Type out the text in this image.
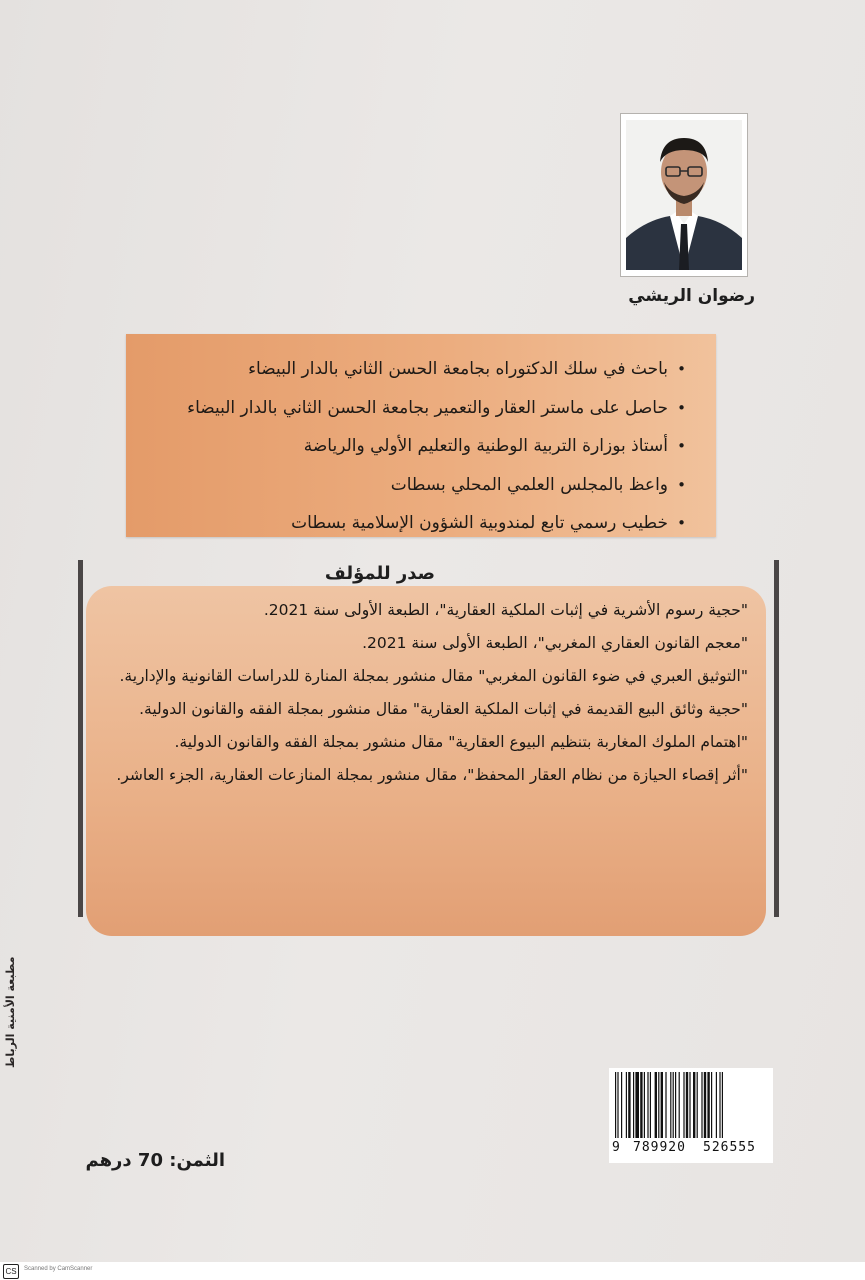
رضوان الريشي
• باحث في سلك الدكتوراه بجامعة الحسن الثاني بالدار البيضاء
• حاصل على ماستر العقار والتعمير بجامعة الحسن الثاني بالدار البيضاء
• أستاذ بوزارة التربية الوطنية والتعليم الأولي والرياضة
• واعظ بالمجلس العلمي المحلي بسطات
• خطيب رسمي تابع لمندوبية الشؤون الإسلامية بسطات
صدر للمؤلف
"حجية رسوم الأشرية في إثبات الملكية العقارية"، الطبعة الأولى سنة 2021.
"معجم القانون العقاري المغربي"، الطبعة الأولى سنة 2021.
"التوثيق العبري في ضوء القانون المغربي" مقال منشور بمجلة المنارة للدراسات القانونية والإدارية.
"حجية وثائق البيع القديمة في إثبات الملكية العقارية" مقال منشور بمجلة الفقه والقانون الدولية.
"اهتمام الملوك المغاربة بتنظيم البيوع العقارية" مقال منشور بمجلة الفقه والقانون الدولية.
"أثر إقصاء الحيازة من نظام العقار المحفظ"، مقال منشور بمجلة المنازعات العقارية، الجزء العاشر.
مطبعة الأمنية الرباط
9 789920 526555
الثمن: 70 درهم
CS	Scanned by CamScanner
